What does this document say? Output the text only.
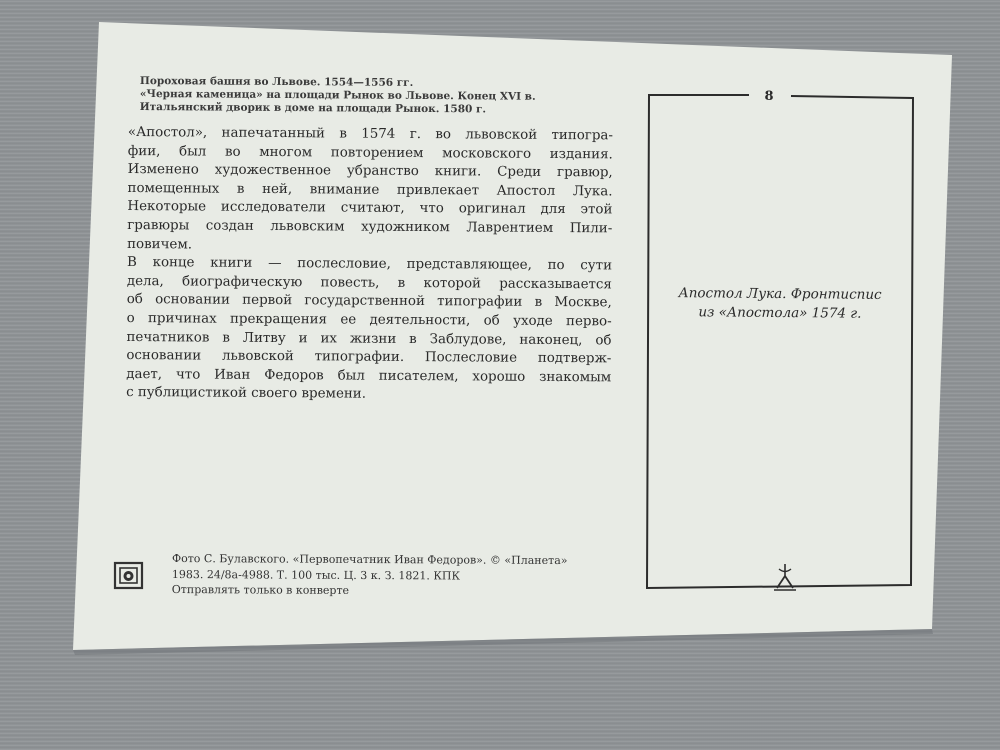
Пороховая башня во Львове. 1554—1556 гг.
«Черная каменица» на площади Рынок во Львове. Конец XVI в.
Итальянский дворик в доме на площади Рынок. 1580 г.
«Апостол», напечатанный в 1574 г. во львовской типогра-
фии, был во многом повторением московского издания.
Изменено художественное убранство книги. Среди гравюр,
помещенных в ней, внимание привлекает Апостол Лука.
Некоторые исследователи считают, что оригинал для этой
гравюры создан львовским художником Лаврентием Пили-
повичем.
В конце книги — послесловие, представляющее, по сути
дела, биографическую повесть, в которой рассказывается
об основании первой государственной типографии в Москве,
о причинах прекращения ее деятельности, об уходе перво-
печатников в Литву и их жизни в Заблудове, наконец, об
основании львовской типографии. Послесловие подтверж-
дает, что Иван Федоров был писателем, хорошо знакомым
с публицистикой своего времени.
Фото С. Булавского. «Первопечатник Иван Федоров». © «Планета»
1983. 24/8а-4988. Т. 100 тыс. Ц. 3 к. З. 1821. КПК
Отправлять только в конверте
8
Апостол Лука. Фронтиспис
из «Апостола» 1574 г.
